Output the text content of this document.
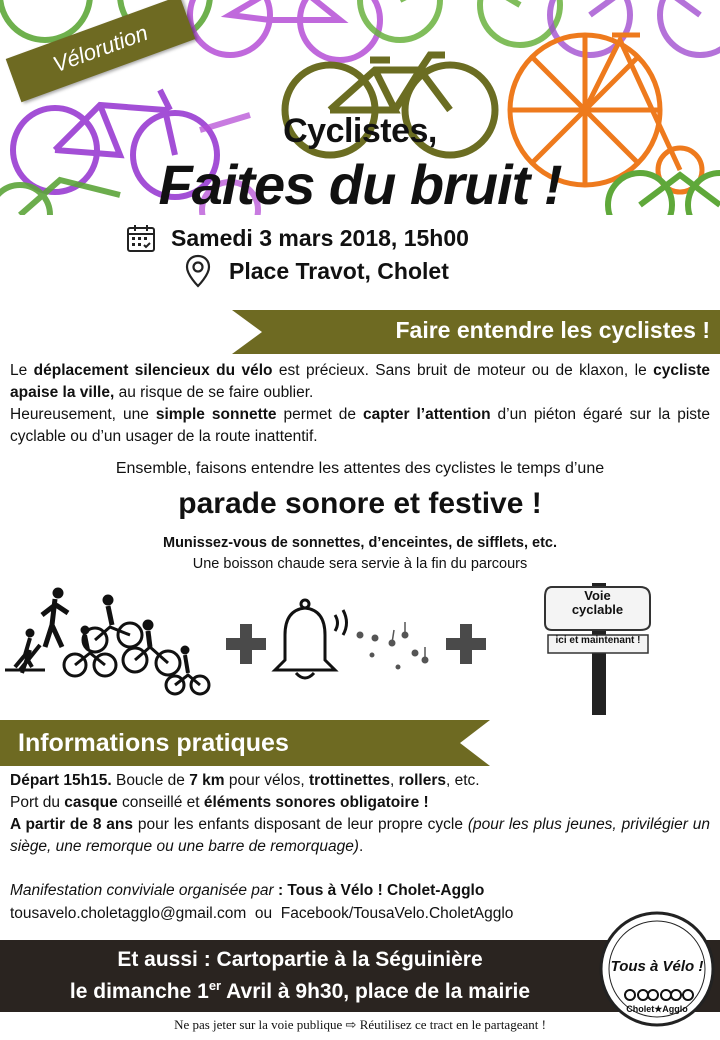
Vélorution
Cyclistes,
Faites du bruit !
Samedi 3 mars 2018, 15h00
Place Travot, Cholet
Faire entendre les cyclistes !
Le déplacement silencieux du vélo est précieux. Sans bruit de moteur ou de klaxon, le cycliste apaise la ville, au risque de se faire oublier.
Heureusement, une simple sonnette permet de capter l’attention d’un piéton égaré sur la piste cyclable ou d’un usager de la route inattentif.
Ensemble, faisons entendre les attentes des cyclistes le temps d’une
parade sonore et festive !
Munissez-vous de sonnettes, d’enceintes, de sifflets, etc.
Une boisson chaude sera servie à la fin du parcours
Voie
cyclable
ici et maintenant !
Informations pratiques
Départ 15h15. Boucle de 7 km pour vélos, trottinettes, rollers, etc.
Port du casque conseillé et éléments sonores obligatoire !
A partir de 8 ans pour les enfants disposant de leur propre cycle (pour les plus jeunes, privilégier un siège, une remorque ou une barre de remorquage).
Manifestation conviviale organisée par : Tous à Vélo ! Cholet-Agglo
tousavelo.choletagglo@gmail.com  ou  Facebook/TousaVelo.CholetAgglo
Et aussi : Cartopartie à la Séguinière
le dimanche 1er Avril à 9h30, place de la mairie
Tous à Vélo !
Cholet★Agglo
Ne pas jeter sur la voie publique ⇨ Réutilisez ce tract en le partageant !
